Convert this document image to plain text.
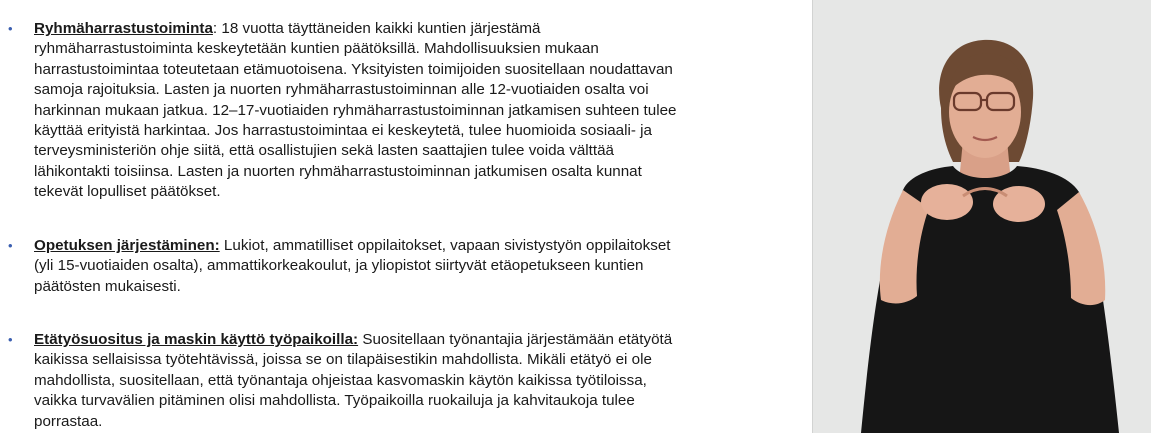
• Ryhmäharrastustoiminta: 18 vuotta täyttäneiden kaikki kuntien järjestämä
ryhmäharrastustoiminta keskeytetään kuntien päätöksillä. Mahdollisuuksien mukaan
harrastustoimintaa toteutetaan etämuotoisena. Yksityisten toimijoiden suositellaan noudattavan
samoja rajoituksia. Lasten ja nuorten ryhmäharrastustoiminnan alle 12-vuotiaiden osalta voi
harkinnan mukaan jatkua. 12–17-vuotiaiden ryhmäharrastustoiminnan jatkamisen suhteen tulee
käyttää erityistä harkintaa. Jos harrastustoimintaa ei keskeytetä, tulee huomioida sosiaali- ja
terveysministeriön ohje siitä, että osallistujien sekä lasten saattajien tulee voida välttää
lähikontakti toisiinsa. Lasten ja nuorten ryhmäharrastustoiminnan jatkumisen osalta kunnat
tekevät lopulliset päätökset.
• Opetuksen järjestäminen: Lukiot, ammatilliset oppilaitokset, vapaan sivistystyön oppilaitokset
(yli 15-vuotiaiden osalta), ammattikorkeakoulut, ja yliopistot siirtyvät etäopetukseen kuntien
päätösten mukaisesti.
• Etätyösuositus ja maskin käyttö työpaikoilla: Suositellaan työnantajia järjestämään etätyötä
kaikissa sellaisissa työtehtävissä, joissa se on tilapäisestikin mahdollista. Mikäli etätyö ei ole
mahdollista, suositellaan, että työnantaja ohjeistaa kasvomaskin käytön kaikissa työtiloissa,
vaikka turvavälien pitäminen olisi mahdollista. Työpaikoilla ruokailuja ja kahvitaukoja tulee
porrastaa.
